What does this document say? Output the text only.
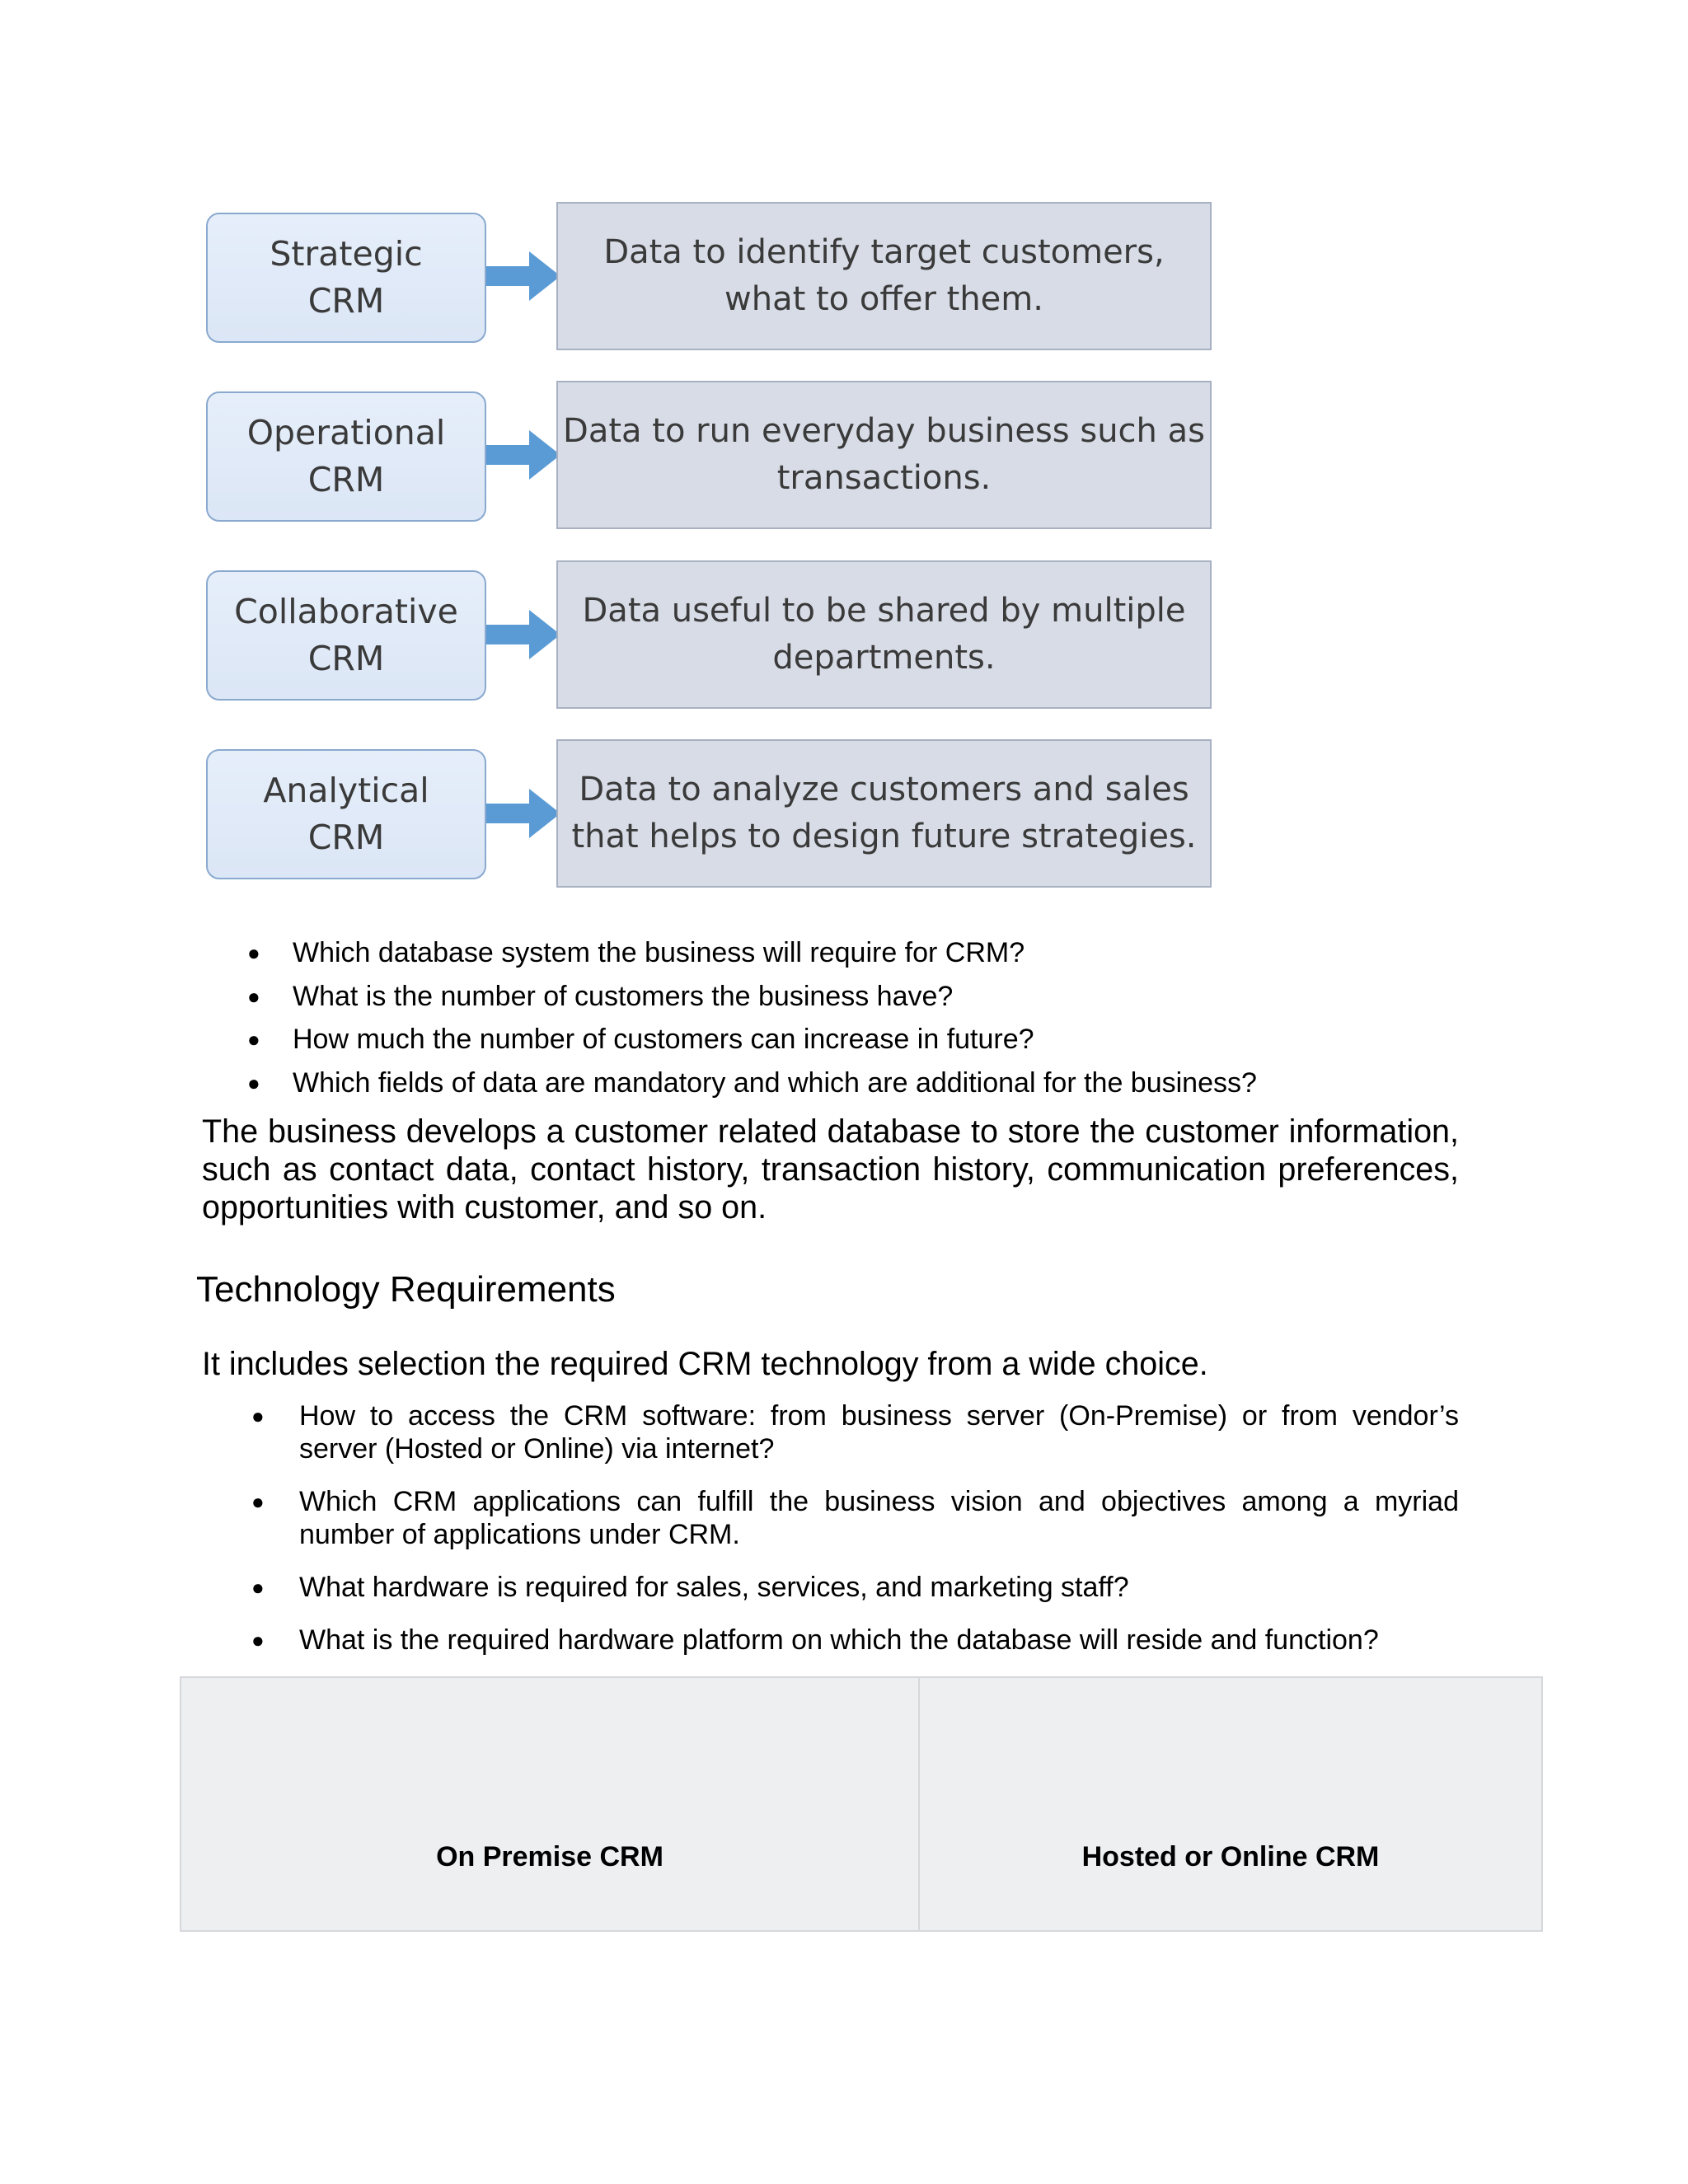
Strategic
CRM
Data to identify target customers,
what to offer them.
Operational
CRM
Data to run everyday business such as
transactions.
Collaborative
CRM
Data useful to be shared by multiple
departments.
Analytical
CRM
Data to analyze customers and sales
that helps to design future strategies.
● Which database system the business will require for CRM?
● What is the number of customers the business have?
● How much the number of customers can increase in future?
● Which fields of data are mandatory and which are additional for the business?

The business develops a customer related database to store the customer information, such as contact data, contact history, transaction history, communication preferences, opportunities with customer, and so on.

Technology Requirements

It includes selection the required CRM technology from a wide choice.

● How to access the CRM software: from business server (On-Premise) or from vendor’s server (Hosted or Online) via internet?
● Which CRM applications can fulfill the business vision and objectives among a myriad number of applications under CRM.
● What hardware is required for sales, services, and marketing staff?
● What is the required hardware platform on which the database will reside and function?
On Premise CRM	Hosted or Online CRM
